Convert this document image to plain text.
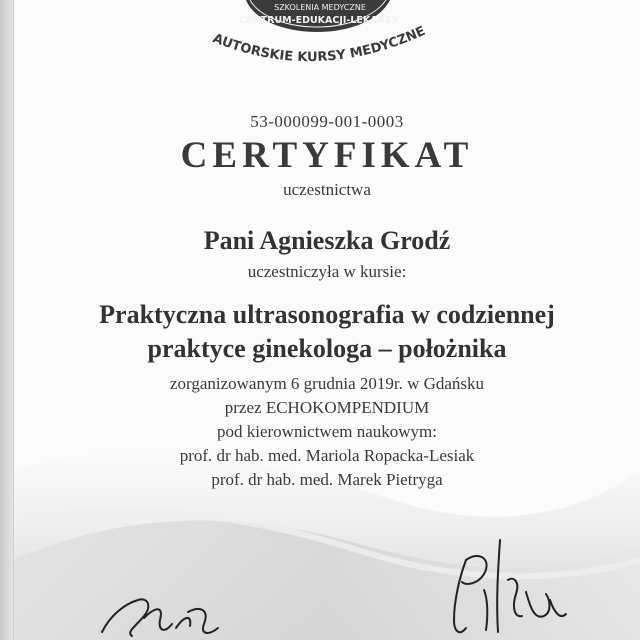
SZKOLENIA MEDYCZNE
CENTRUM-EDUKACJI-LEKARZY
AUTORSKIE KURSY MEDYCZNE
53-000099-001-0003
CERTYFIKAT
uczestnictwa
Pani Agnieszka Grodź
uczestniczyła w kursie:
Praktyczna ultrasonografia w codziennej
praktyce ginekologa – położnika
zorganizowanym 6 grudnia 2019r. w Gdańsku
przez ECHOKOMPENDIUM
pod kierownictwem naukowym:
prof. dr hab. med. Mariola Ropacka-Lesiak
prof. dr hab. med. Marek Pietryga
